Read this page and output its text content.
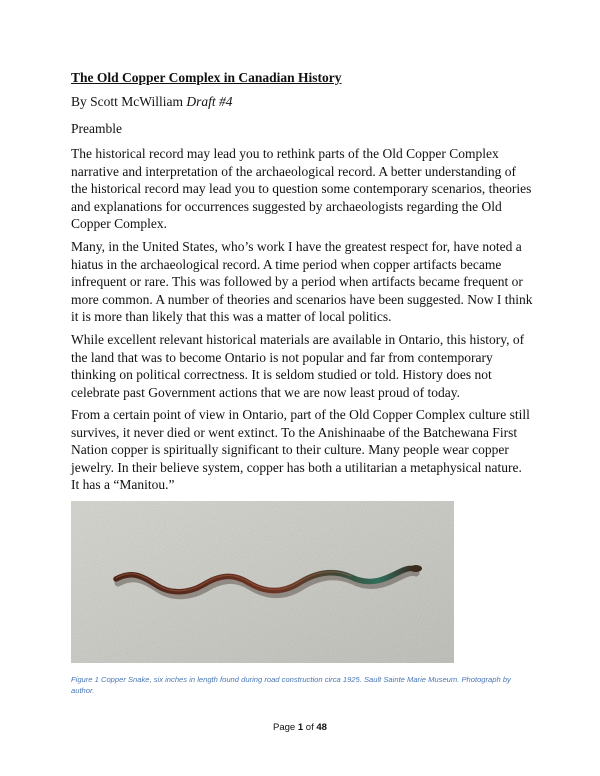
The Old Copper Complex in Canadian History
By Scott McWilliam Draft #4
Preamble

The historical record may lead you to rethink parts of the Old Copper Complex narrative and interpretation of the archaeological record. A better understanding of the historical record may lead you to question some contemporary scenarios, theories and explanations for occurrences suggested by archaeologists regarding the Old Copper Complex.

Many, in the United States, who’s work I have the greatest respect for, have noted a hiatus in the archaeological record. A time period when copper artifacts became infrequent or rare. This was followed by a period when artifacts became frequent or more common. A number of theories and scenarios have been suggested. Now I think it is more than likely that this was a matter of local politics.

While excellent relevant historical materials are available in Ontario, this history, of the land that was to become Ontario is not popular and far from contemporary thinking on political correctness. It is seldom studied or told. History does not celebrate past Government actions that we are now least proud of today.

From a certain point of view in Ontario, part of the Old Copper Complex culture still survives, it never died or went extinct. To the Anishinaabe of the Batchewana First Nation copper is spiritually significant to their culture. Many people wear copper jewelry. In their believe system, copper has both a utilitarian a metaphysical nature. It has a “Manitou.”

Figure 1 Copper Snake, six inches in length found during road construction circa 1925. Sault Sainte Marie Museum. Photograph by author.
Page 1 of 48
